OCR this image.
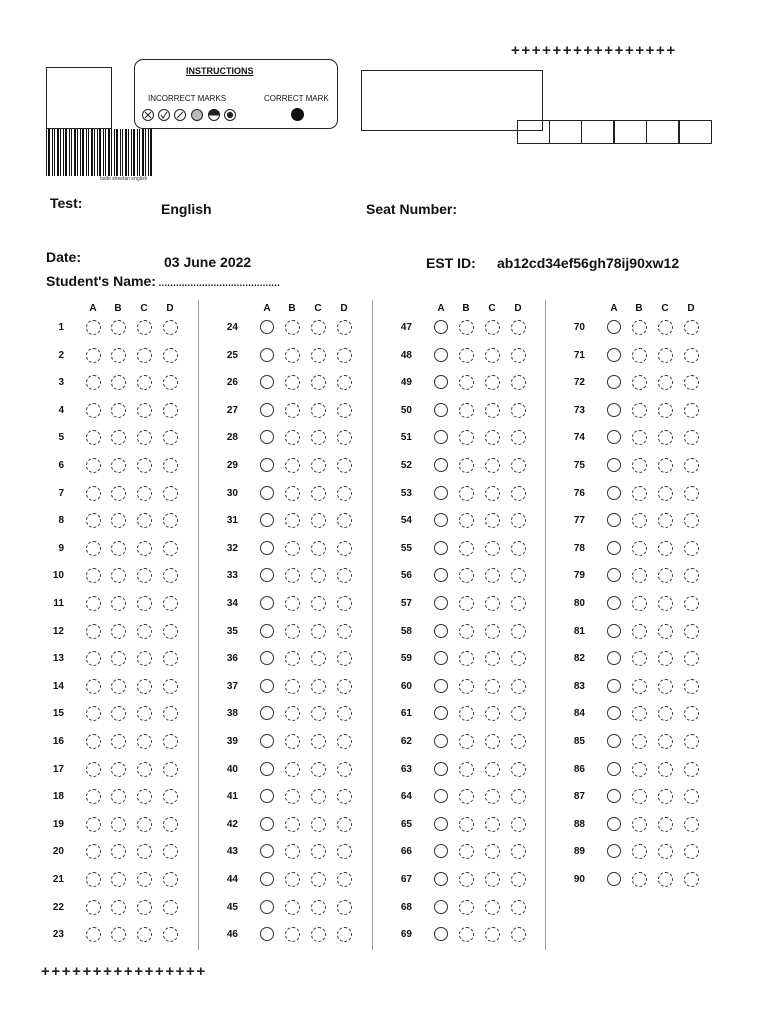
++++++++++++++++
balbi streetan english
INSTRUCTIONS
INCORRECT MARKS	CORRECT MARK
Test:	English	Seat Number:
Date:	03 June 2022	EST ID: ab12cd34ef56gh78ij90xw12
Student's Name: ..........................................
A B C D
1
2
3
4
5
6
7
8
9
10
11
12
13
14
15
16
17
18
19
20
21
22
23
A B C D
24
25
26
27
28
29
30
31
32
33
34
35
36
37
38
39
40
41
42
43
44
45
46
A B C D
47
48
49
50
51
52
53
54
55
56
57
58
59
60
61
62
63
64
65
66
67
68
69
A B C D
70
71
72
73
74
75
76
77
78
79
80
81
82
83
84
85
86
87
88
89
90
++++++++++++++++
